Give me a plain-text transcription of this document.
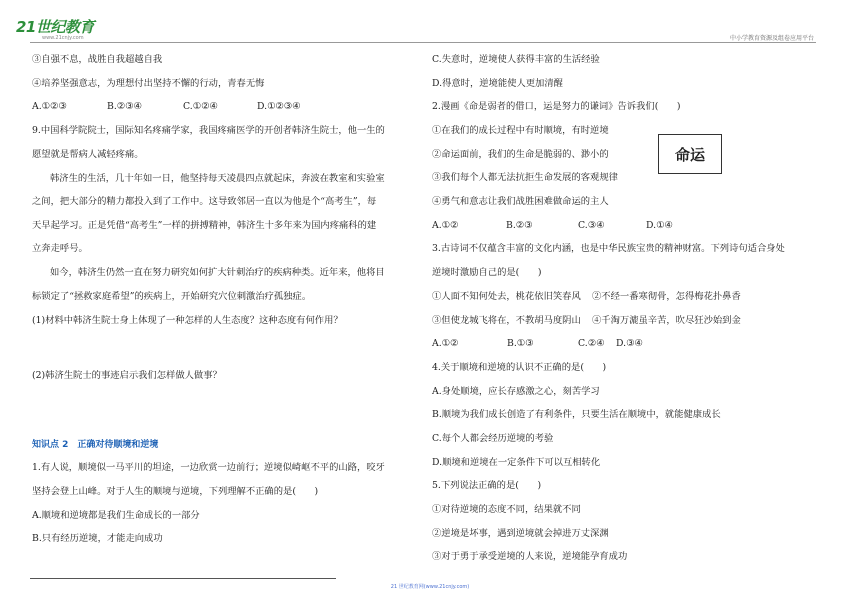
21世纪教育
www.21cnjy.com	中小学教育资源及组卷应用平台
③自强不息，战胜自我超越自我
④培养坚强意志，为理想付出坚持不懈的行动，青春无悔
A.①②③	B.②③④	C.①②④	D.①②③④
9.中国科学院院士，国际知名疼痛学家，我国疼痛医学的开创者韩济生院士，他一生的
愿望就是帮病人减轻疼痛。
韩济生的生活，几十年如一日，他坚持每天凌晨四点就起床，奔波在教室和实验室
之间，把大部分的精力都投入到了工作中。这导致邻居一直以为他是个“高考生”，每
天早起学习。正是凭借“高考生”一样的拼搏精神，韩济生十多年来为国内疼痛科的建
立奔走呼号。
如今，韩济生仍然一直在努力研究如何扩大针刺治疗的疾病种类。近年来，他将目
标锁定了“拯救家庭希望”的疾病上，开始研究穴位刺激治疗孤独症。
(1)材料中韩济生院士身上体现了一种怎样的人生态度？这种态度有何作用？
(2)韩济生院士的事迹启示我们怎样做人做事？
知识点 2　正确对待顺境和逆境
1.有人说，顺境似一马平川的坦途，一边欣赏一边前行；逆境似崎岖不平的山路，咬牙
坚持会登上山峰。对于人生的顺境与逆境，下列理解不正确的是(　　)
A.顺境和逆境都是我们生命成长的一部分
B.只有经历逆境，才能走向成功
C.失意时，逆境使人获得丰富的生活经验
D.得意时，逆境能使人更加清醒
2.漫画《命是弱者的借口，运是努力的谦词》告诉我们(　　)
①在我们的成长过程中有时顺境，有时逆境
②命运面前，我们的生命是脆弱的、渺小的
③我们每个人都无法抗拒生命发展的客观规律
④勇气和意志让我们战胜困难做命运的主人
A.①②	B.②③	C.③④	D.①④
3.古诗词不仅蕴含丰富的文化内涵，也是中华民族宝贵的精神财富。下列诗句适合身处
逆境时激励自己的是(　　)
①人面不知何处去，桃花依旧笑春风 ②不经一番寒彻骨，怎得梅花扑鼻香
③但使龙城飞将在，不教胡马度阴山 ④千淘万漉虽辛苦，吹尽狂沙始到金
A.①②	B.①③	C.②④ D.③④
4.关于顺境和逆境的认识不正确的是(　　)
A.身处顺境，应长存感激之心，刻苦学习
B.顺境为我们成长创造了有利条件，只要生活在顺境中，就能健康成长
C.每个人都会经历逆境的考验
D.顺境和逆境在一定条件下可以互相转化
5.下列说法正确的是(　　)
①对待逆境的态度不同，结果就不同
②逆境是坏事，遇到逆境就会掉进万丈深渊
③对于勇于承受逆境的人来说，逆境能孕育成功
命运
21 世纪教育网(www.21cnjy.com)
